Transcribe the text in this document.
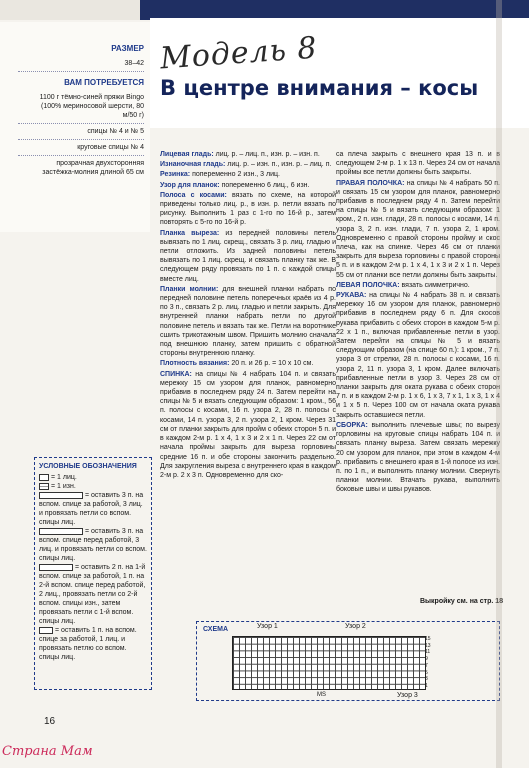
РАЗМЕР
38–42
ВАМ ПОТРЕБУЕТСЯ
1100 г тёмно-синей пряжи Bingo (100% мериносовой шерсти, 80 м/50 г)
спицы № 4 и № 5
круговые спицы № 4
прозрачная двухсторонняя застёжка-молния длиной 65 см
Модель 8
В центре внимания – косы

Лицевая гладь: лиц. р. – лиц. п., изн. р. – изн. п.

Изнаночная гладь: лиц. р. – изн. п., изн. р. – лиц. п.

Резинка: попеременно 2 изн., 3 лиц.

Узор для планок: попеременно 6 лиц., 6 изн.

Полоса с косами: вязать по схеме, на которой приведены только лиц. р., в изн. р. петли вязать по рисунку. Выполнить 1 раз с 1-го по 16-й р., затем повторять с 5-го по 16-й р.

Планка выреза: из передней половины петель вывязать по 1 лиц. скрещ., связать 3 р. лиц. гладью и петли отложить. Из задней половины петель вывязать по 1 лиц. скрещ. и связать планку так же. В следующем ряду провязать по 1 п. с каждой спицы вместе лиц.

Планки молнии: для внешней планки набрать по передней половине петель поперечных краёв из 4 р. по 3 п., связать 2 р. лиц. гладью и петли закрыть. Для внутренней планки набрать петли по другой половине петель и вязать так же. Петли на воротнике сшить трикотажным швом. Пришить молнию сначала под внешнюю планку, затем пришить с обратной стороны внутреннюю планку.

Плотность вязания: 20 п. и 26 р. = 10 х 10 см.

СПИНКА: на спицы № 4 набрать 104 п. и связать мережку 15 см узором для планок, равномерно прибавив в последнем ряду 24 п. Затем перейти на спицы № 5 и вязать следующим образом: 1 кром., 56 п. полосы с косами, 16 п. узора 2, 28 п. полосы с косами, 14 п. узора 3, 2 п. узора 2, 1 кром. Через 31 см от планки закрыть для пройм с обеих сторон 5 п. и в каждом 2-м р. 1 х 4, 1 х 3 и 2 х 1 п. Через 22 см от начала проймы закрыть для выреза горловины средние 16 п. и обе стороны закончить раздельно. Для закругления выреза с внутреннего края в каждом 2-м р. 2 х 3 п. Одновременно для ско-

са плеча закрыть с внешнего края 13 п. и в следующем 2-м р. 1 х 13 п. Через 24 см от начала проймы все петли должны быть закрыты.

ПРАВАЯ ПОЛОЧКА: на спицы № 4 набрать 50 п. и связать 15 см узором для планок, равномерно прибавив в последнем ряду 4 п. Затем перейти на спицы № 5 и вязать следующим образом: 1 кром., 2 п. изн. глади, 28 п. полосы с косами, 14 п. узора 3, 2 п. изн. глади, 7 п. узора 2, 1 кром. Одновременно с правой стороны пройму и скос плеча, как на спинке. Через 46 см от планки закрыть для выреза горловины с правой стороны 5 п. и в каждом 2-м р. 1 х 4, 1 х 3 и 2 х 1 п. Через 55 см от планки все петли должны быть закрыты.

ЛЕВАЯ ПОЛОЧКА: вязать симметрично.

РУКАВА: на спицы № 4 набрать 38 п. и связать мережку 16 см узором для планок, равномерно прибавив в последнем ряду 6 п. Для скосов рукава прибавить с обеих сторон в каждом 5-м р. 22 х 1 п., включая прибавленные петли в узор. Затем перейти на спицы № 5 и вязать следующим образом (на спице 60 п.): 1 кром., 7 п. узора 3 от стрелки, 28 п. полосы с косами, 16 п. узора 2, 11 п. узора 3, 1 кром. Далее включать прибавленные петли в узор 3. Через 28 см от планки закрыть для оката рукава с обеих сторон 7 п. и в каждом 2-м р. 1 х 6, 1 х 3, 7 х 1, 1 х 3, 1 х 4 и 1 х 5 п. Через 100 см от начала оката рукава закрыть оставшиеся петли.

СБОРКА: выполнить плечевые швы; по вырезу горловины на круговые спицы набрать 104 п. и связать планку выреза. Затем связать мережку 20 см узором для планок, при этом в каждом 4-м р. прибавить с внешнего края в 1-й полосе из изн. п. по 1 п., и выполнить планку молнии. Свернуть планки молнии. Втачать рукава, выполнить боковые швы и швы рукавов.

Выкройку см. на стр. 18
УСЛОВНЫЕ ОБОЗНАЧЕНИЯ
= 1 лиц.
= 1 изн.
= оставить 3 п. на вспом. спице за работой, 3 лиц. и провязать петли со вспом. спицы лиц.
= оставить 3 п. на вспом. спице перед работой, 3 лиц. и провязать петли со вспом. спицы лиц.
= оставить 2 п. на 1-й вспом. спице за работой, 1 п. на 2-й вспом. спице перед работой, 2 лиц., провязать петли со 2-й вспом. спицы изн., затем провязать петли с 1-й вспом. спицы лиц.
= оставить 1 п. на вспом. спице за работой, 1 лиц. и провязать петлю со вспом. спицы лиц.
СХЕМА	Узор 1	Узор 2
Узор 3
MS
15
13
11
9
7
5
3
1
16
Страна Мам
